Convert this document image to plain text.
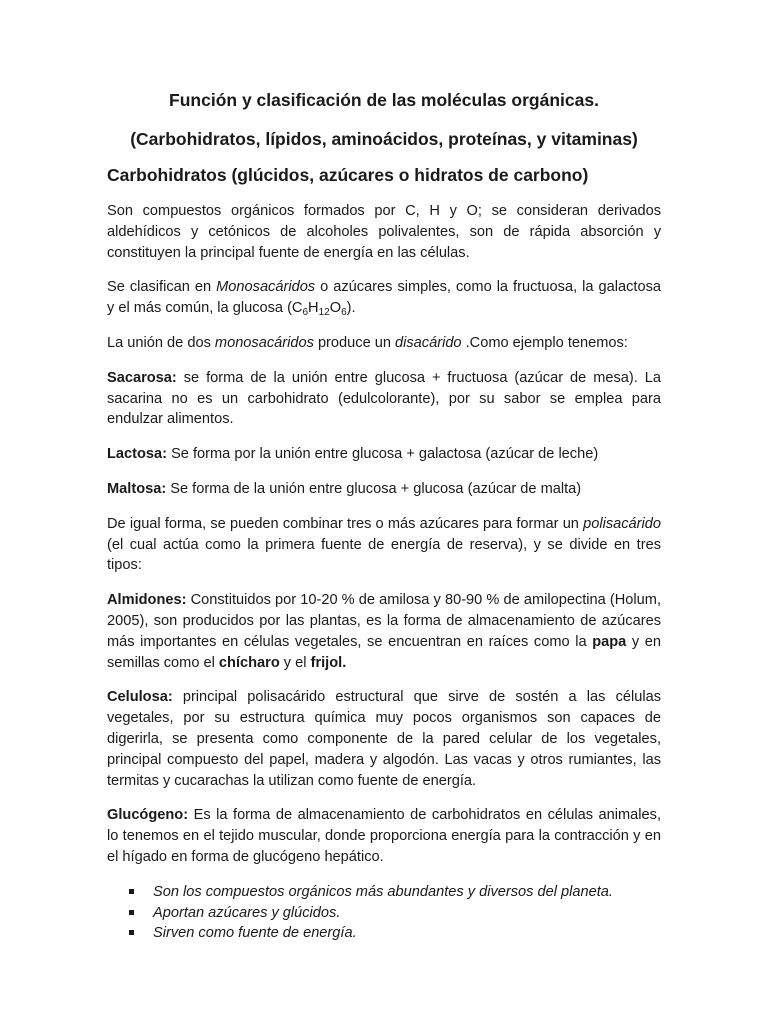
Función y clasificación de las moléculas orgánicas.
(Carbohidratos, lípidos, aminoácidos, proteínas, y vitaminas)
Carbohidratos (glúcidos, azúcares o hidratos de carbono)

Son compuestos orgánicos formados por C, H y O; se consideran derivados aldehídicos y cetónicos de alcoholes polivalentes, son de rápida absorción y constituyen la principal fuente de energía en las células.

Se clasifican en Monosacáridos o azúcares simples, como la fructuosa, la galactosa y el más común, la glucosa $(C_6H_{12}O_6)$.

La unión de dos monosacáridos produce un disacárido .Como ejemplo tenemos:

Sacarosa: se forma de la unión entre glucosa + fructuosa (azúcar de mesa). La sacarina no es un carbohidrato (edulcolorante), por su sabor se emplea para endulzar alimentos.

Lactosa: Se forma por la unión entre glucosa + galactosa (azúcar de leche)

Maltosa: Se forma de la unión entre glucosa + glucosa (azúcar de malta)

De igual forma, se pueden combinar tres o más azúcares para formar un polisacárido (el cual actúa como la primera fuente de energía de reserva), y se divide en tres tipos:

Almidones: Constituidos por 10-20 % de amilosa y 80-90 % de amilopectina (Holum, 2005), son producidos por las plantas, es la forma de almacenamiento de azúcares más importantes en células vegetales, se encuentran en raíces como la papa y en semillas como el chícharo y el frijol.

Celulosa: principal polisacárido estructural que sirve de sostén a las células vegetales, por su estructura química muy pocos organismos son capaces de digerirla, se presenta como componente de la pared celular de los vegetales, principal compuesto del papel, madera y algodón. Las vacas y otros rumiantes, las termitas y cucarachas la utilizan como fuente de energía.

Glucógeno: Es la forma de almacenamiento de carbohidratos en células animales, lo tenemos en el tejido muscular, donde proporciona energía para la contracción y en el hígado en forma de glucógeno hepático.

Son los compuestos orgánicos más abundantes y diversos del planeta.
Aportan azúcares y glúcidos.
Sirven como fuente de energía.
